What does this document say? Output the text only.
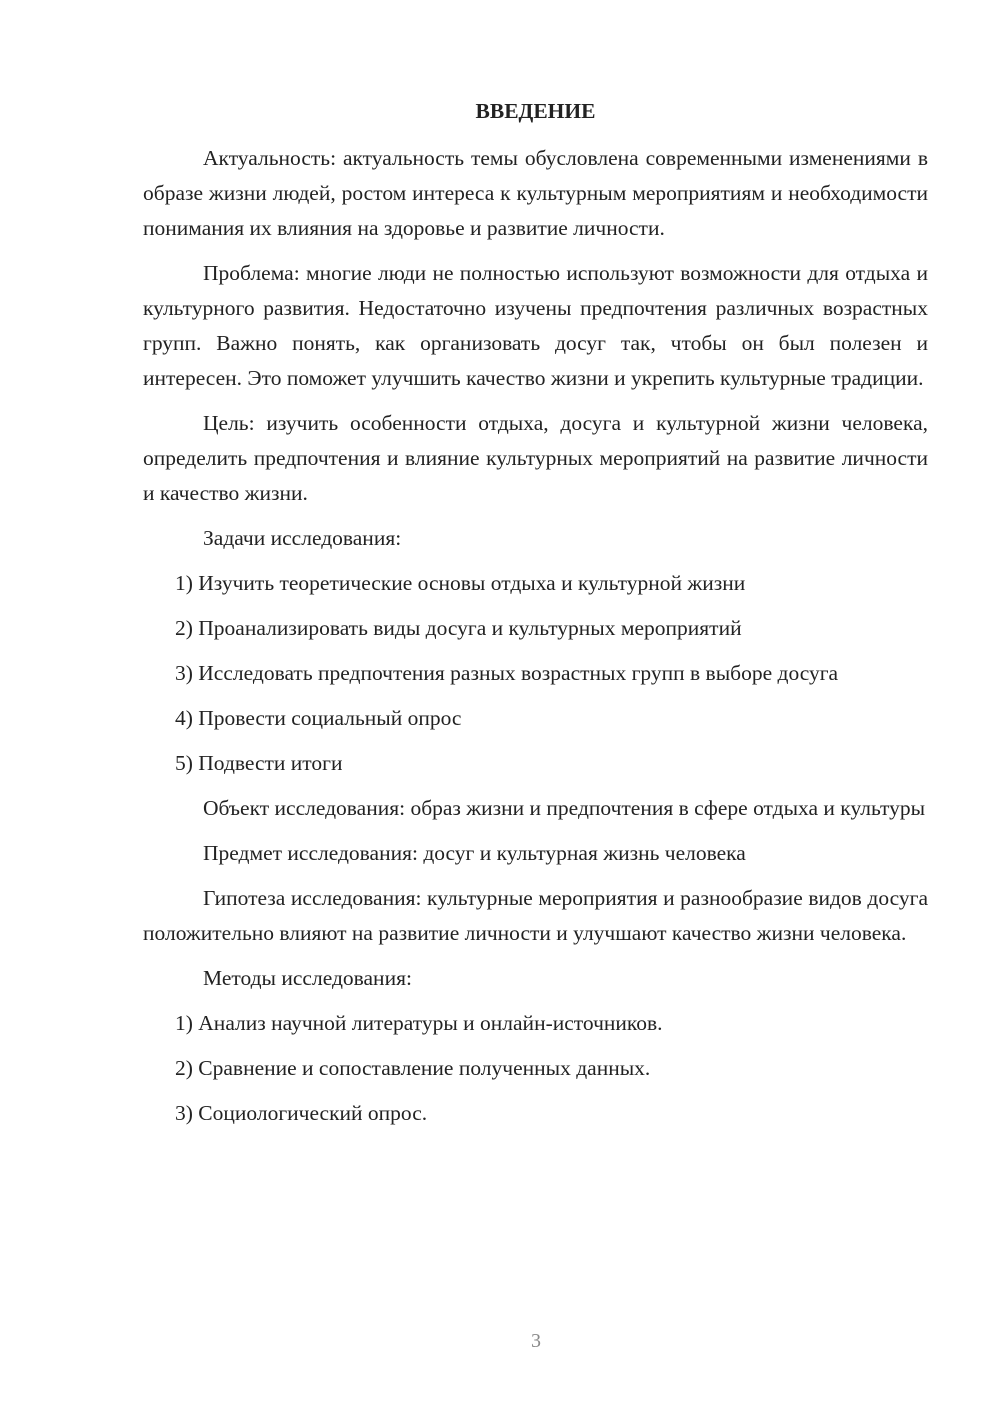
ВВЕДЕНИЕ

Актуальность: актуальность темы обусловлена современными изменениями в образе жизни людей, ростом интереса к культурным мероприятиям и необходимости понимания их влияния на здоровье и развитие личности.

Проблема: многие люди не полностью используют возможности для отдыха и культурного развития. Недостаточно изучены предпочтения различных возрастных групп. Важно понять, как организовать досуг так, чтобы он был полезен и интересен. Это поможет улучшить качество жизни и укрепить культурные традиции.

Цель: изучить особенности отдыха, досуга и культурной жизни человека, определить предпочтения и влияние культурных мероприятий на развитие личности и качество жизни.

Задачи исследования:

1) Изучить теоретические основы отдыха и культурной жизни

2) Проанализировать виды досуга и культурных мероприятий

3) Исследовать предпочтения разных возрастных групп в выборе досуга

4) Провести социальный опрос

5) Подвести итоги

Объект исследования: образ жизни и предпочтения в сфере отдыха и культуры

Предмет исследования: досуг и культурная жизнь человека

Гипотеза исследования: культурные мероприятия и разнообразие видов досуга положительно влияют на развитие личности и улучшают качество жизни человека.

Методы исследования:

1) Анализ научной литературы и онлайн-источников.

2) Сравнение и сопоставление полученных данных.

3) Социологический опрос.

3
